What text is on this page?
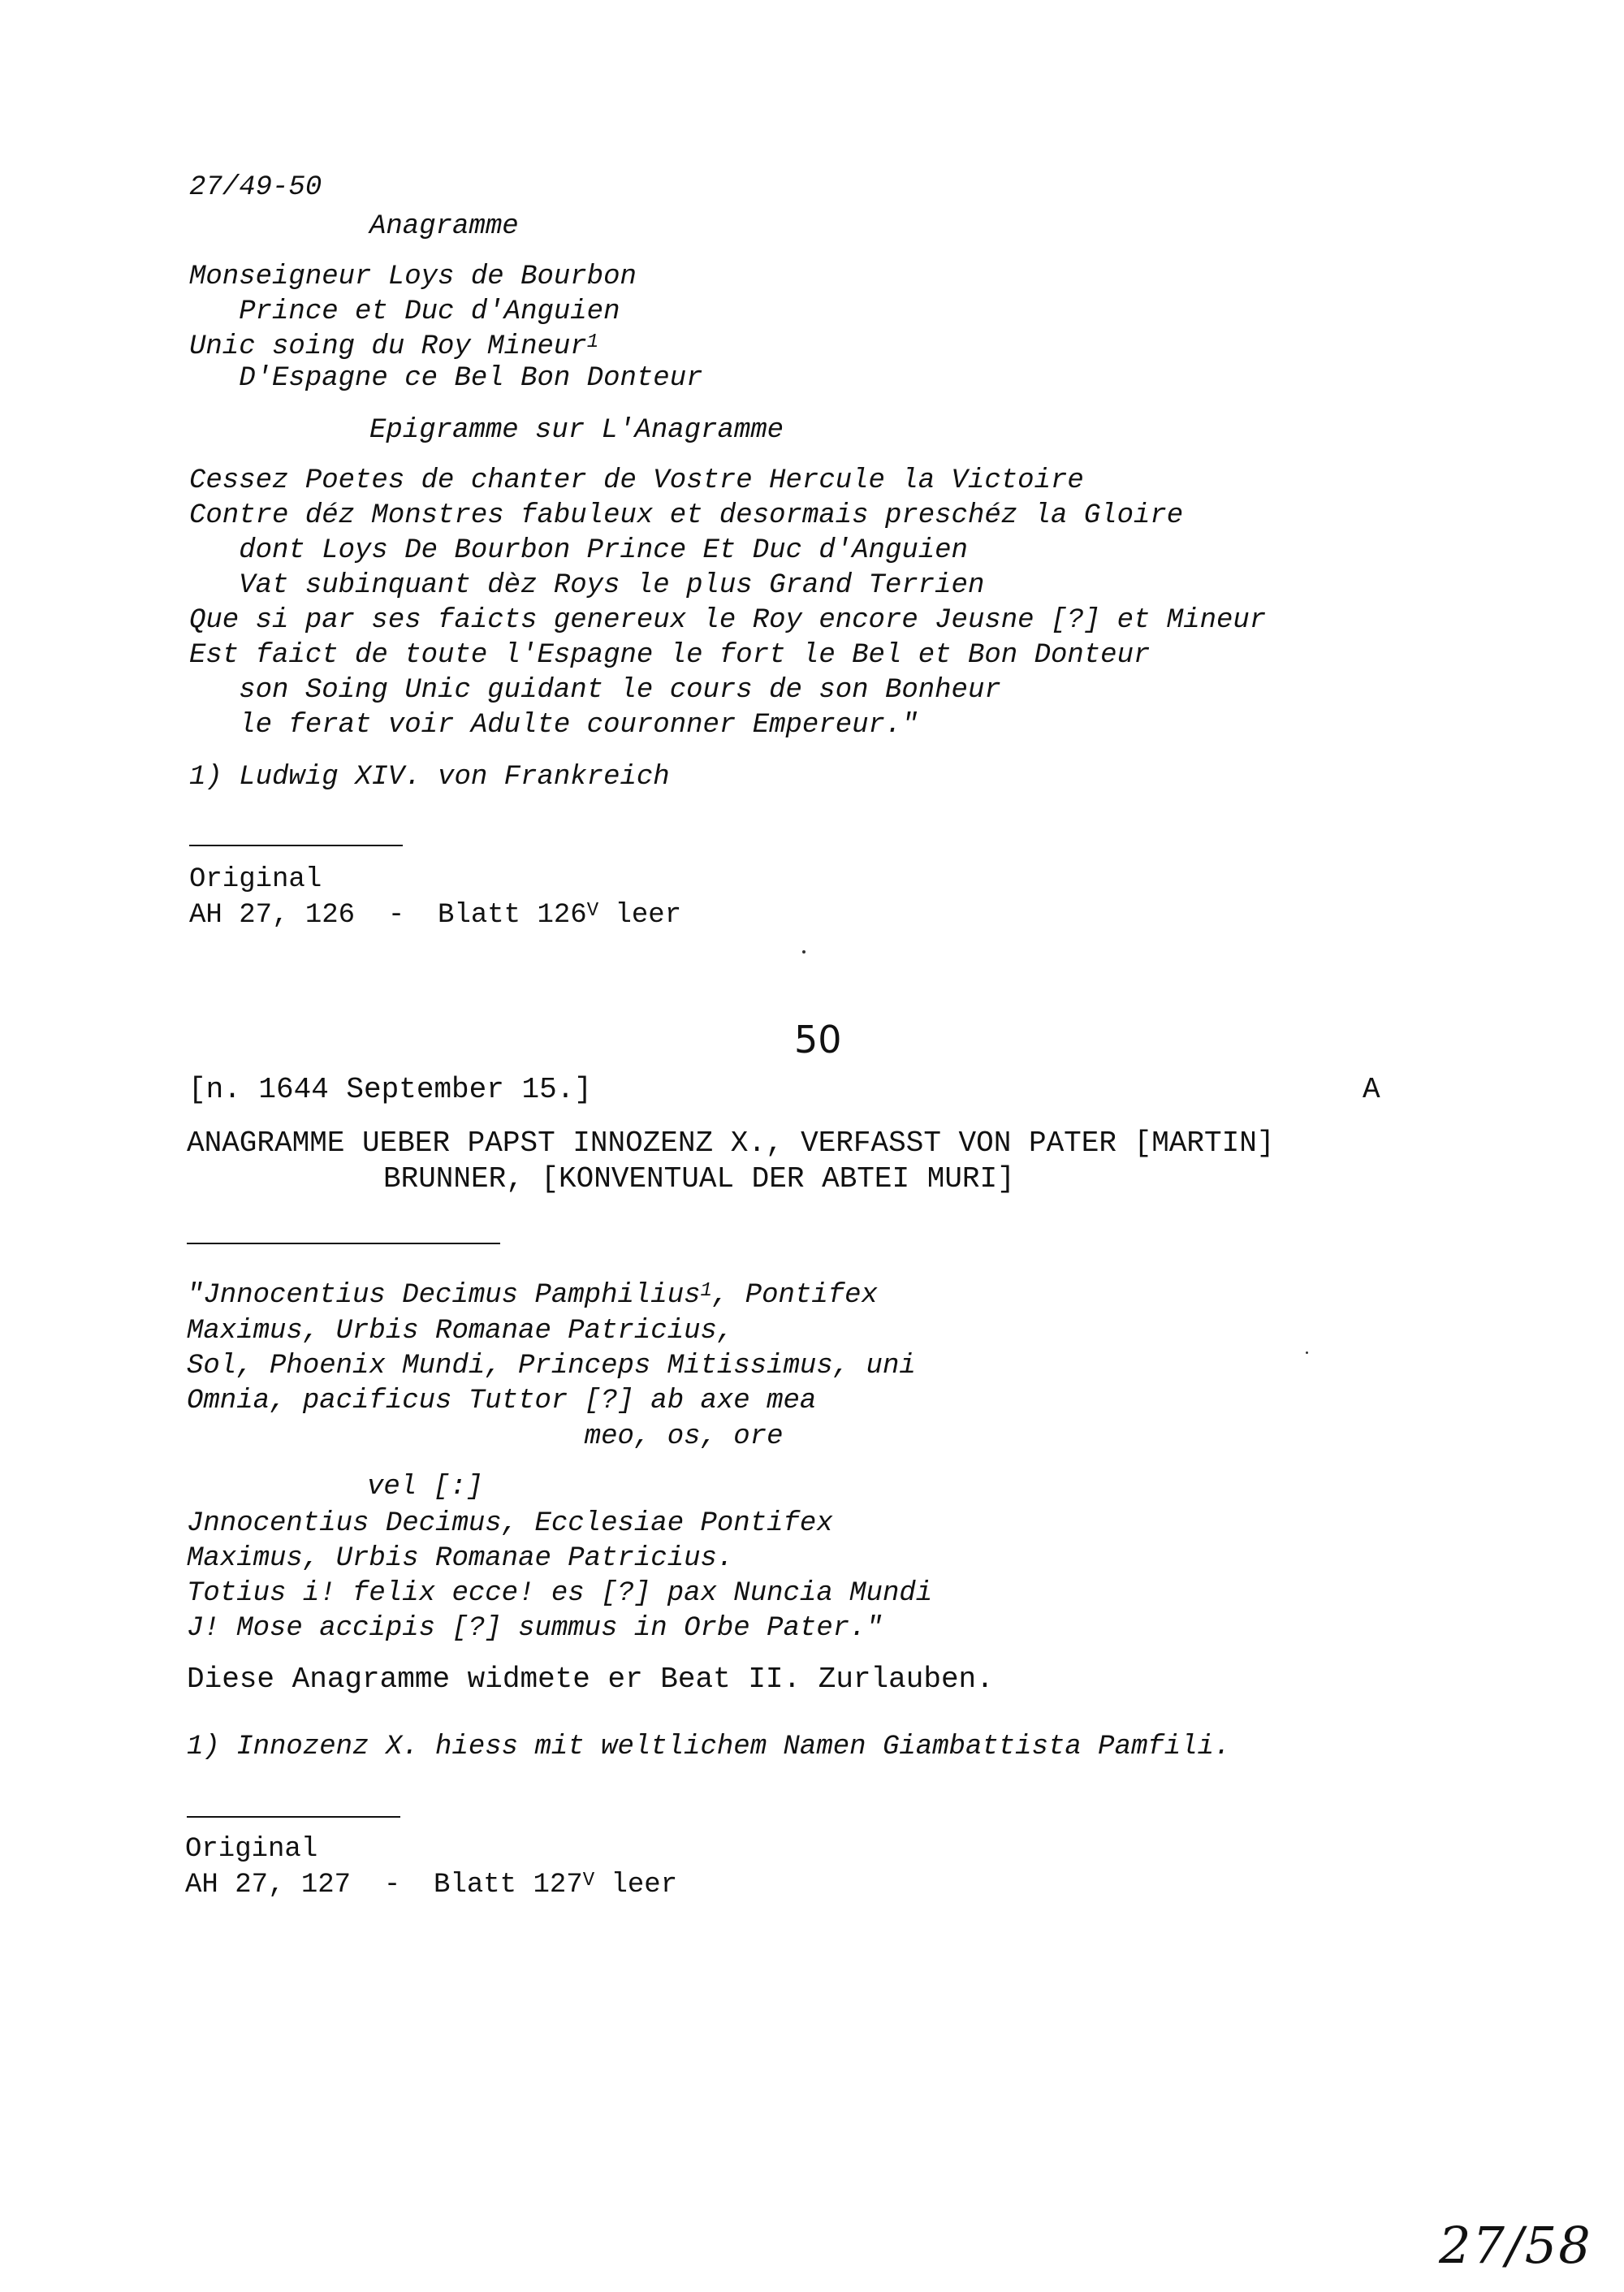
27/49-50
Anagramme
Monseigneur Loys de Bourbon
Prince et Duc d'Anguien
Unic soing du Roy Mineur$^1$
D'Espagne ce Bel Bon Donteur
Epigramme sur L'Anagramme
Cessez Poetes de chanter de Vostre Hercule la Victoire
Contre déz Monstres fabuleux et desormais preschéz la Gloire
dont Loys De Bourbon Prince Et Duc d'Anguien
Vat subinquant dèz Roys le plus Grand Terrien
Que si par ses faicts genereux le Roy encore Jeusne [?] et Mineur
Est faict de toute l'Espagne le fort le Bel et Bon Donteur
son Soing Unic guidant le cours de son Bonheur
le ferat voir Adulte couronner Empereur."
1) Ludwig XIV. von Frankreich
Original
AH 27, 126  -  Blatt $126^V$ leer
50
[n. 1644 September 15.]	A
ANAGRAMME UEBER PAPST INNOZENZ X., VERFASST VON PATER [MARTIN]
BRUNNER, [KONVENTUAL DER ABTEI MURI]
"Jnnocentius Decimus Pamphilius$^1$, Pontifex
Maximus, Urbis Romanae Patricius,
Sol, Phoenix Mundi, Princeps Mitissimus, uni
Omnia, pacificus Tuttor [?] ab axe mea
meo, os, ore
vel [:]
Jnnocentius Decimus, Ecclesiae Pontifex
Maximus, Urbis Romanae Patricius.
Totius i! felix ecce! es [?] pax Nuncia Mundi
J! Mose accipis [?] summus in Orbe Pater."
Diese Anagramme widmete er Beat II. Zurlauben.
1) Innozenz X. hiess mit weltlichem Namen Giambattista Pamfili.
Original
AH 27, 127  -  Blatt $127^V$ leer
27/58
